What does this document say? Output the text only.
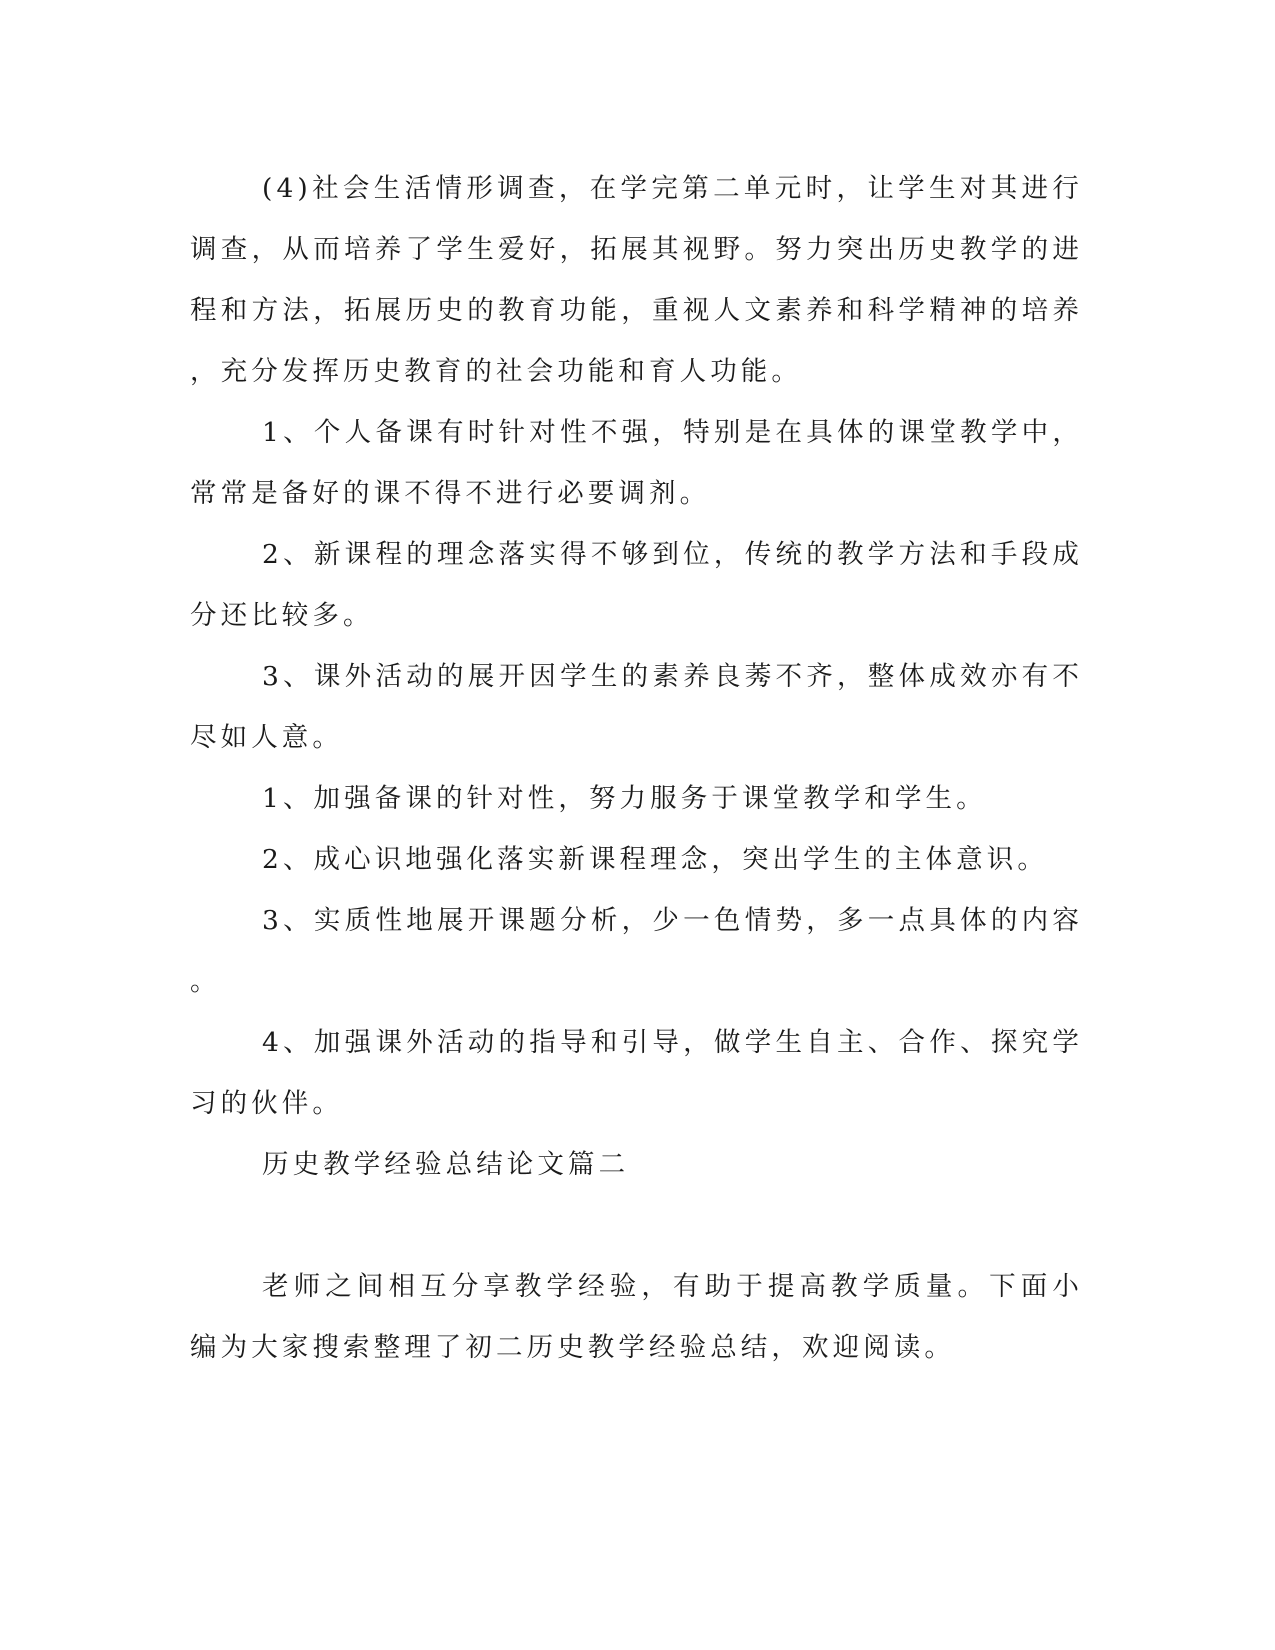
(4)社会生活情形调查，在学完第二单元时，让学生对其进行调查，从而培养了学生爱好，拓展其视野。努力突出历史教学的进程和方法，拓展历史的教育功能，重视人文素养和科学精神的培养，充分发挥历史教育的社会功能和育人功能。

1、个人备课有时针对性不强，特别是在具体的课堂教学中，常常是备好的课不得不进行必要调剂。

2、新课程的理念落实得不够到位，传统的教学方法和手段成分还比较多。

3、课外活动的展开因学生的素养良莠不齐，整体成效亦有不尽如人意。

1、加强备课的针对性，努力服务于课堂教学和学生。

2、成心识地强化落实新课程理念，突出学生的主体意识。

3、实质性地展开课题分析，少一色情势，多一点具体的内容。

4、加强课外活动的指导和引导，做学生自主、合作、探究学习的伙伴。

历史教学经验总结论文篇二

老师之间相互分享教学经验，有助于提高教学质量。下面小编为大家搜索整理了初二历史教学经验总结，欢迎阅读。
